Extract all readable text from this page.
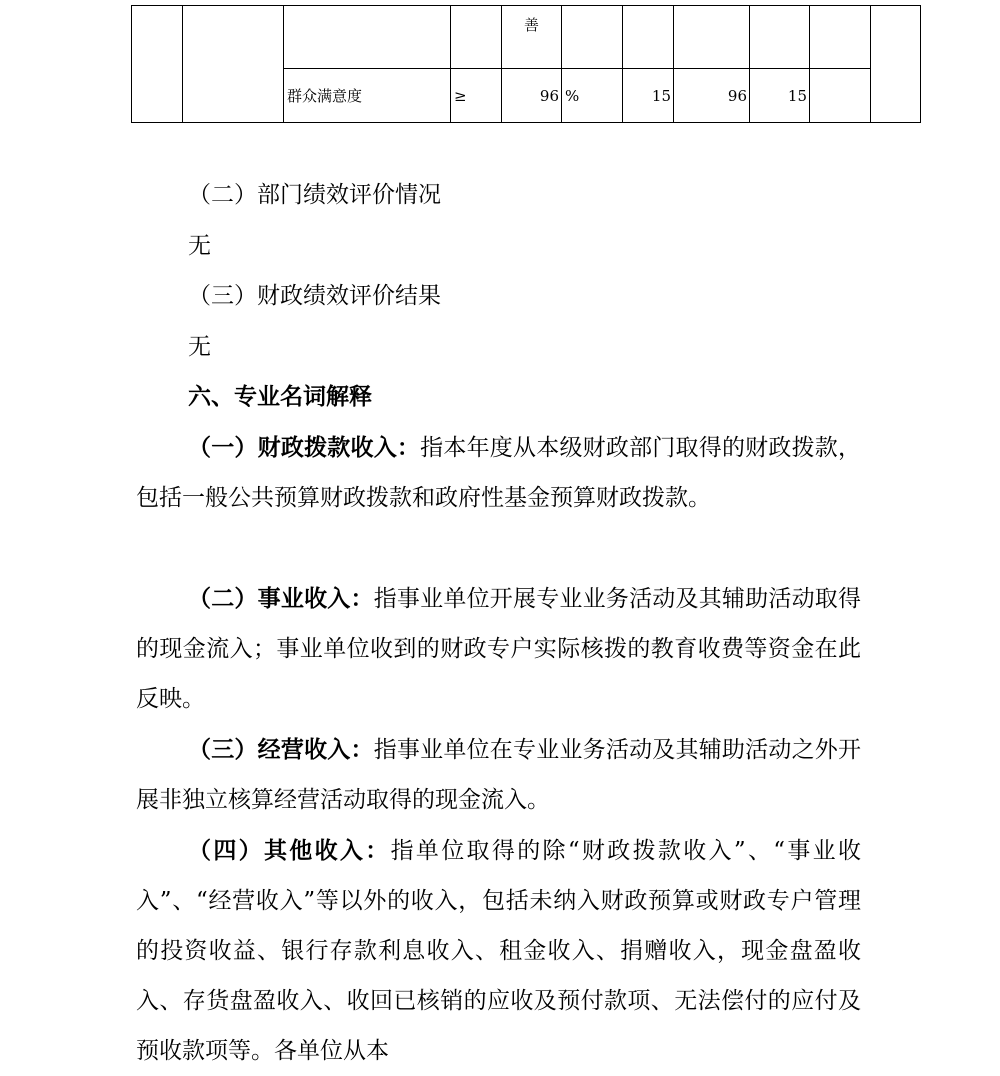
				善						
		群众满意度	≥	96	%	15	96	15		

（二）部门绩效评价情况

无

（三）财政绩效评价结果

无

六、专业名词解释

（一）财政拨款收入：指本年度从本级财政部门取得的财政拨款，包括一般公共预算财政拨款和政府性基金预算财政拨款。

（二）事业收入：指事业单位开展专业业务活动及其辅助活动取得的现金流入；事业单位收到的财政专户实际核拨的教育收费等资金在此反映。

（三）经营收入：指事业单位在专业业务活动及其辅助活动之外开展非独立核算经营活动取得的现金流入。

（四）其他收入：指单位取得的除“财政拨款收入”、“事业收入”、“经营收入”等以外的收入，包括未纳入财政预算或财政专户管理的投资收益、银行存款利息收入、租金收入、捐赠收入，现金盘盈收入、存货盘盈收入、收回已核销的应收及预付款项、无法偿付的应付及预收款项等。各单位从本
